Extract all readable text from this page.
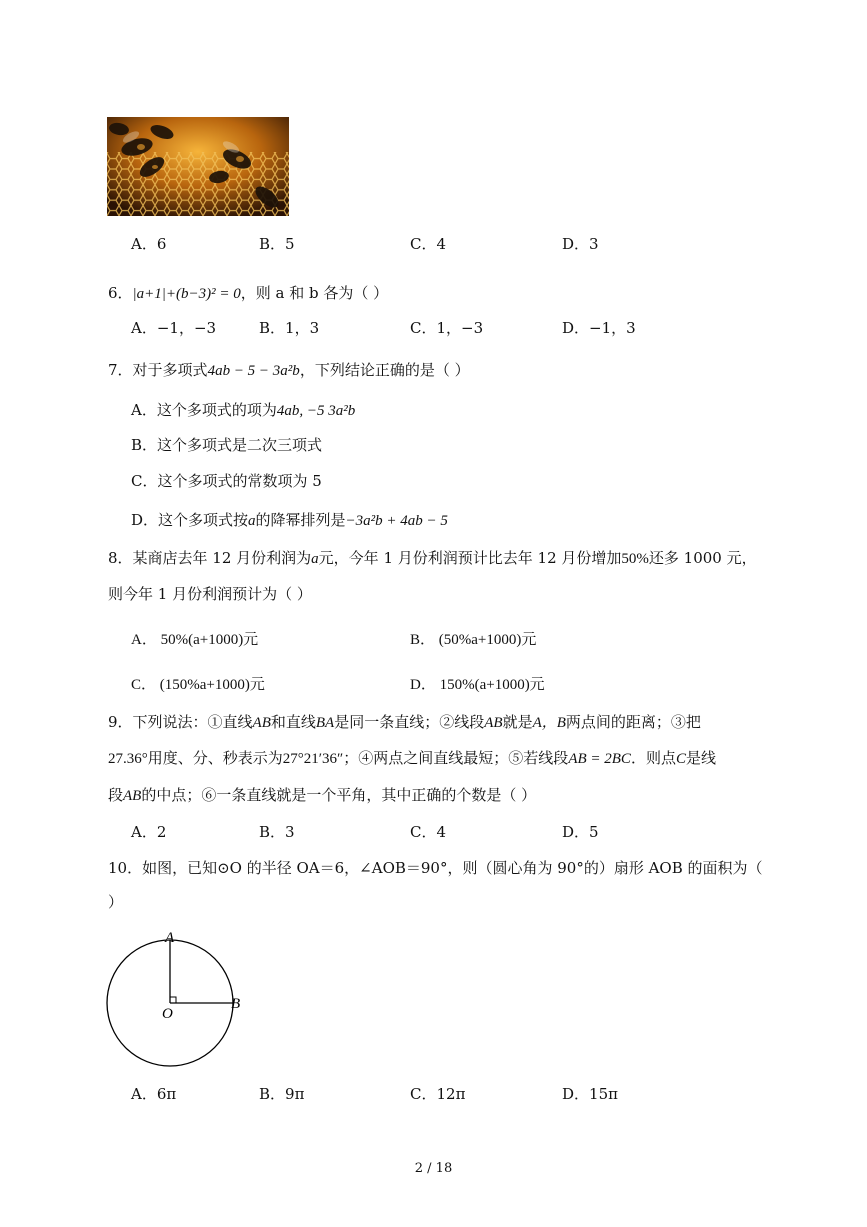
A．6	B．5	C．4	D．3
6．|a+1|+(b−3)² = 0，则 a 和 b 各为（ ）
A．−1，−3	B．1，3	C．1，−3	D．−1，3
7．对于多项式4ab − 5 − 3a²b，下列结论正确的是（ ）
A．这个多项式的项为4ab, −5 3a²b
B．这个多项式是二次三项式
C．这个多项式的常数项为 5
D．这个多项式按a的降幂排列是−3a²b + 4ab − 5
8．某商店去年 12 月份利润为a元，今年 1 月份利润预计比去年 12 月份增加50%还多 1000 元，
则今年 1 月份利润预计为（ ）
A． 50%(a+1000)元	B． (50%a+1000)元
C． (150%a+1000)元	D． 150%(a+1000)元
9．下列说法：①直线AB和直线BA是同一条直线；②线段AB就是A，B两点间的距离；③把
27.36°用度、分、秒表示为27°21′36″；④两点之间直线最短；⑤若线段AB = 2BC．则点C是线
段AB的中点；⑥一条直线就是一个平角，其中正确的个数是（ ）
A．2	B．3	C．4	D．5
10．如图，已知⊙O 的半径 OA＝6，∠AOB＝90°，则（圆心角为 90°的）扇形 AOB 的面积为（
）
A
B
O
A．6π	B．9π	C．12π	D．15π
2 / 18
